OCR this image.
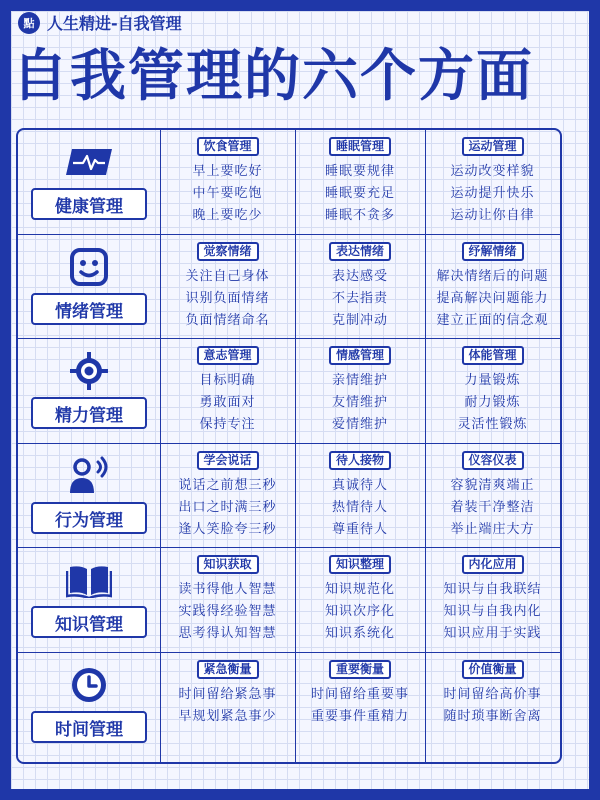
點 人生精进-自我管理
自我管理的六个方面
健康管理
饮食管理
早上要吃好
中午要吃饱
晚上要吃少
睡眠管理
睡眠要规律
睡眠要充足
睡眠不贪多
运动管理
运动改变样貌
运动提升快乐
运动让你自律
情绪管理
觉察情绪
关注自己身体
识别负面情绪
负面情绪命名
表达情绪
表达感受
不去指责
克制冲动
纾解情绪
解决情绪后的问题
提高解决问题能力
建立正面的信念观
精力管理
意志管理
目标明确
勇敢面对
保持专注
情感管理
亲情维护
友情维护
爱情维护
体能管理
力量锻炼
耐力锻炼
灵活性锻炼
行为管理
学会说话
说话之前想三秒
出口之时满三秒
逢人笑脸夸三秒
待人接物
真诚待人
热情待人
尊重待人
仪容仪表
容貌清爽端正
着装干净整洁
举止端庄大方
知识管理
知识获取
读书得他人智慧
实践得经验智慧
思考得认知智慧
知识整理
知识规范化
知识次序化
知识系统化
内化应用
知识与自我联结
知识与自我内化
知识应用于实践
时间管理
紧急衡量
时间留给紧急事
早规划紧急事少
重要衡量
时间留给重要事
重要事件重精力
价值衡量
时间留给高价事
随时琐事断舍离
